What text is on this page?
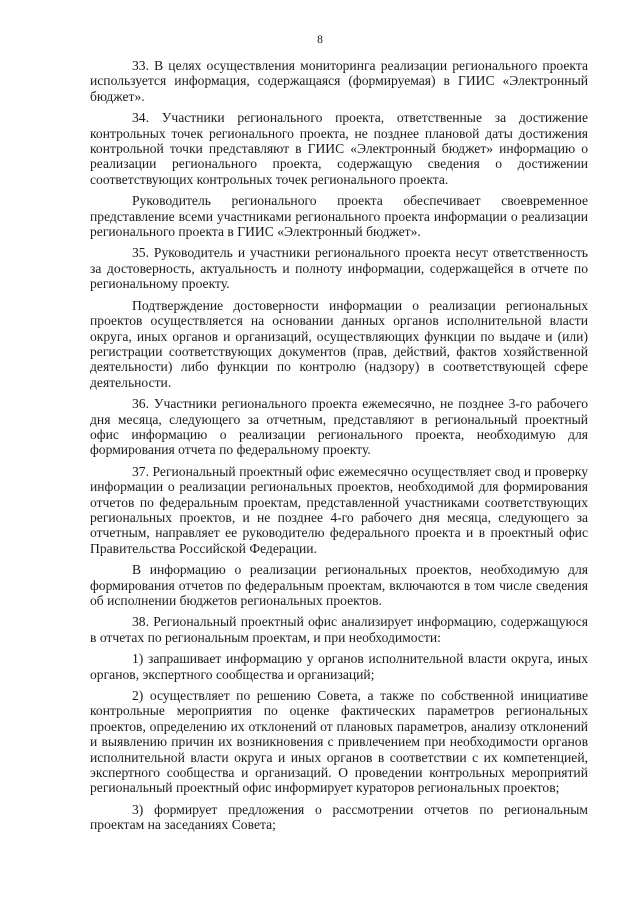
8

33. В целях осуществления мониторинга реализации регионального проекта используется информация, содержащаяся (формируемая) в ГИИС «Электронный бюджет».

34. Участники регионального проекта, ответственные за достижение контрольных точек регионального проекта, не позднее плановой даты достижения контрольной точки представляют в ГИИС «Электронный бюджет» информацию о реализации регионального проекта, содержащую сведения о достижении соответствующих контрольных точек регионального проекта.

Руководитель регионального проекта обеспечивает своевременное представление всеми участниками регионального проекта информации о реализации регионального проекта в ГИИС «Электронный бюджет».

35. Руководитель и участники регионального проекта несут ответственность за достоверность, актуальность и полноту информации, содержащейся в отчете по региональному проекту.

Подтверждение достоверности информации о реализации региональных проектов осуществляется на основании данных органов исполнительной власти округа, иных органов и организаций, осуществляющих функции по выдаче и (или) регистрации соответствующих документов (прав, действий, фактов хозяйственной деятельности) либо функции по контролю (надзору) в соответствующей сфере деятельности.

36. Участники регионального проекта ежемесячно, не позднее 3-го рабочего дня месяца, следующего за отчетным, представляют в региональный проектный офис информацию о реализации регионального проекта, необходимую для формирования отчета по федеральному проекту.

37. Региональный проектный офис ежемесячно осуществляет свод и проверку информации о реализации региональных проектов, необходимой для формирования отчетов по федеральным проектам, представленной участниками соответствующих региональных проектов, и не позднее 4-го рабочего дня месяца, следующего за отчетным, направляет ее руководителю федерального проекта и в проектный офис Правительства Российской Федерации.

В информацию о реализации региональных проектов, необходимую для формирования отчетов по федеральным проектам, включаются в том числе сведения об исполнении бюджетов региональных проектов.

38. Региональный проектный офис анализирует информацию, содержащуюся в отчетах по региональным проектам, и при необходимости:

1) запрашивает информацию у органов исполнительной власти округа, иных органов, экспертного сообщества и организаций;

2) осуществляет по решению Совета, а также по собственной инициативе контрольные мероприятия по оценке фактических параметров региональных проектов, определению их отклонений от плановых параметров, анализу отклонений и выявлению причин их возникновения с привлечением при необходимости органов исполнительной власти округа и иных органов в соответствии с их компетенцией, экспертного сообщества и организаций. О проведении контрольных мероприятий региональный проектный офис информирует кураторов региональных проектов;

3) формирует предложения о рассмотрении отчетов по региональным проектам на заседаниях Совета;
